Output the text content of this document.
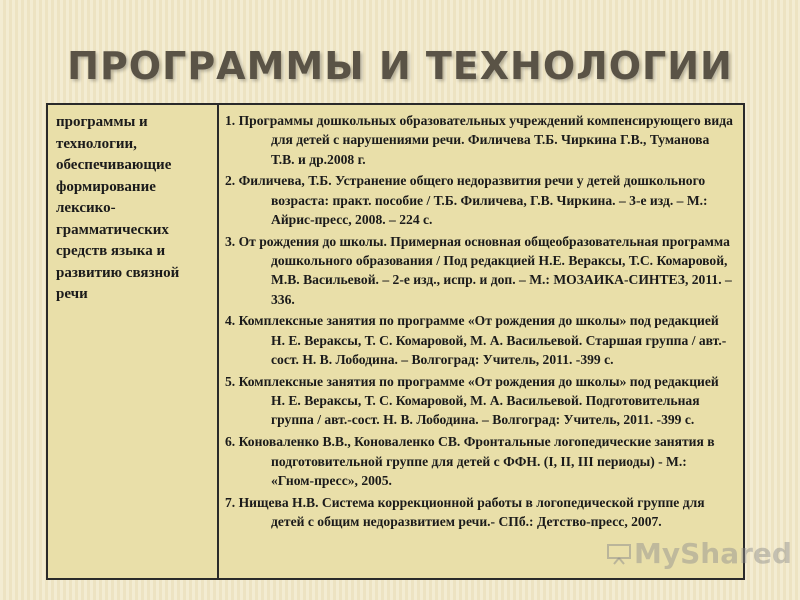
ПРОГРАММЫ И ТЕХНОЛОГИИ
программы и технологии, обеспечивающие формирование лексико-грамматических средств языка и развитию связной речи
1. Программы дошкольных образовательных учреждений компенсирующего вида для детей с нарушениями речи. Филичева Т.Б. Чиркина Г.В., Туманова Т.В. и др.2008 г.
2. Филичева, Т.Б. Устранение общего недоразвития речи у детей дошкольного возраста: практ. пособие / Т.Б. Филичева, Г.В. Чиркина. – 3-е изд. – М.: Айрис-пресс, 2008. – 224 с.
3. От рождения до школы. Примерная основная общеобразовательная программа дошкольного образования / Под редакцией Н.Е. Вераксы, Т.С. Комаровой, М.В. Васильевой. – 2-е изд., испр. и доп. – М.: МОЗАИКА-СИНТЕЗ, 2011. – 336.
4. Комплексные занятия по программе «От рождения до школы» под редакцией Н. Е. Вераксы, Т. С. Комаровой, М. А. Васильевой. Старшая группа / авт.-сост. Н. В. Лободина. – Волгоград: Учитель, 2011. -399 с.
5. Комплексные занятия по программе «От рождения до школы» под редакцией Н. Е. Вераксы, Т. С. Комаровой, М. А. Васильевой. Подготовительная группа / авт.-сост. Н. В. Лободина. – Волгоград: Учитель, 2011. -399 с.
6. Коноваленко В.В., Коноваленко СВ. Фронтальные логопедические занятия в подготовительной группе для детей с ФФН. (I, II, III периоды) - М.: «Гном-пресс», 2005.
7. Нищева Н.В. Система коррекционной работы в логопедической группе для детей с общим недоразвитием речи.- СПб.: Детство-пресс, 2007.
MyShared
